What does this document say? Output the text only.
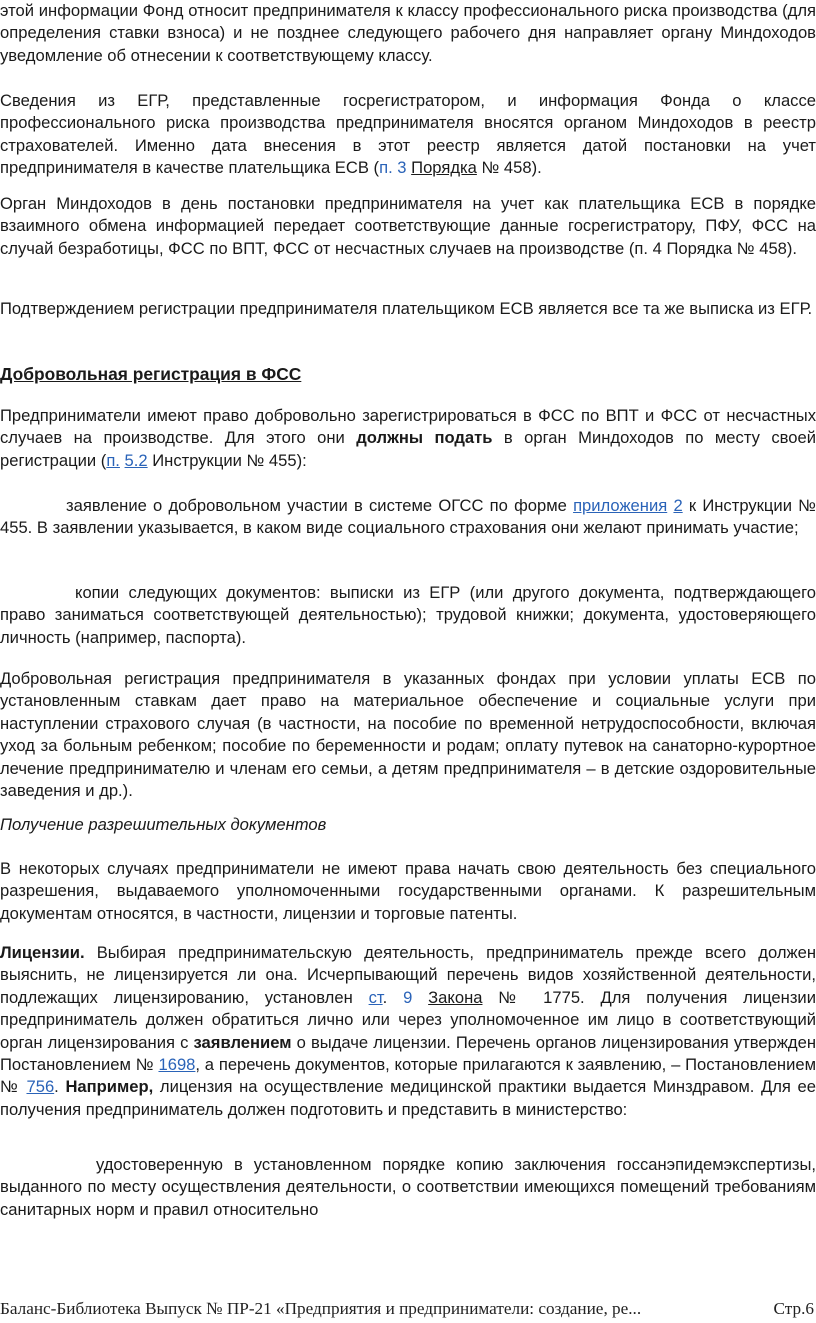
этой информации Фонд относит предпринимателя к классу профессионального риска производства (для определения ставки взноса) и не позднее следующего рабочего дня направляет органу Миндоходов уведомление об отнесении к соответствующему классу.

Сведения из ЕГР, представленные госрегистратором, и информация Фонда о классе профессионального риска производства предпринимателя вносятся органом Миндоходов в реестр страхователей. Именно дата внесения в этот реестр является датой постановки на учет предпринимателя в качестве плательщика ЕСВ (п. 3 Порядка № 458).

Орган Миндоходов в день постановки предпринимателя на учет как плательщика ЕСВ в порядке взаимного обмена информацией передает соответствующие данные госрегистратору, ПФУ, ФСС на случай безработицы, ФСС по ВПТ, ФСС от несчастных случаев на производстве (п. 4 Порядка № 458).

Подтверждением регистрации предпринимателя плательщиком ЕСВ является все та же выписка из ЕГР.

Добровольная регистрация в ФСС

Предприниматели имеют право добровольно зарегистрироваться в ФСС по ВПТ и ФСС от несчастных случаев на производстве. Для этого они должны подать в орган Миндоходов по месту своей регистрации (п. 5.2 Инструкции № 455):

заявление о добровольном участии в системе ОГСС по форме приложения 2 к Инструкции № 455. В заявлении указывается, в каком виде социального страхования они желают принимать участие;

копии следующих документов: выписки из ЕГР (или другого документа, подтверждающего право заниматься соответствующей деятельностью); трудовой книжки; документа, удостоверяющего личность (например, паспорта).

Добровольная регистрация предпринимателя в указанных фондах при условии уплаты ЕСВ по установленным ставкам дает право на материальное обеспечение и социальные услуги при наступлении страхового случая (в частности, на пособие по временной нетрудоспособности, включая уход за больным ребенком; пособие по беременности и родам; оплату путевок на санаторно-курортное лечение предпринимателю и членам его семьи, а детям предпринимателя – в детские оздоровительные заведения и др.).

Получение разрешительных документов

В некоторых случаях предприниматели не имеют права начать свою деятельность без специального разрешения, выдаваемого уполномоченными государственными органами. К разрешительным документам относятся, в частности, лицензии и торговые патенты.

Лицензии. Выбирая предпринимательскую деятельность, предприниматель прежде всего должен выяснить, не лицензируется ли она. Исчерпывающий перечень видов хозяйственной деятельности, подлежащих лицензированию, установлен ст. 9 Закона № 1775. Для получения лицензии предприниматель должен обратиться лично или через уполномоченное им лицо в соответствующий орган лицензирования с заявлением о выдаче лицензии. Перечень органов лицензирования утвержден Постановлением № 1698, а перечень документов, которые прилагаются к заявлению, – Постановлением № 756. Например, лицензия на осуществление медицинской практики выдается Минздравом. Для ее получения предприниматель должен подготовить и представить в министерство:

удостоверенную в установленном порядке копию заключения госсанэпидемэкспертизы, выданного по месту осуществления деятельности, о соответствии имеющихся помещений требованиям санитарных норм и правил относительно

Баланс-Библиотека Выпуск № ПР-21 «Предприятия и предприниматели: создание, ре...	Стр.6
